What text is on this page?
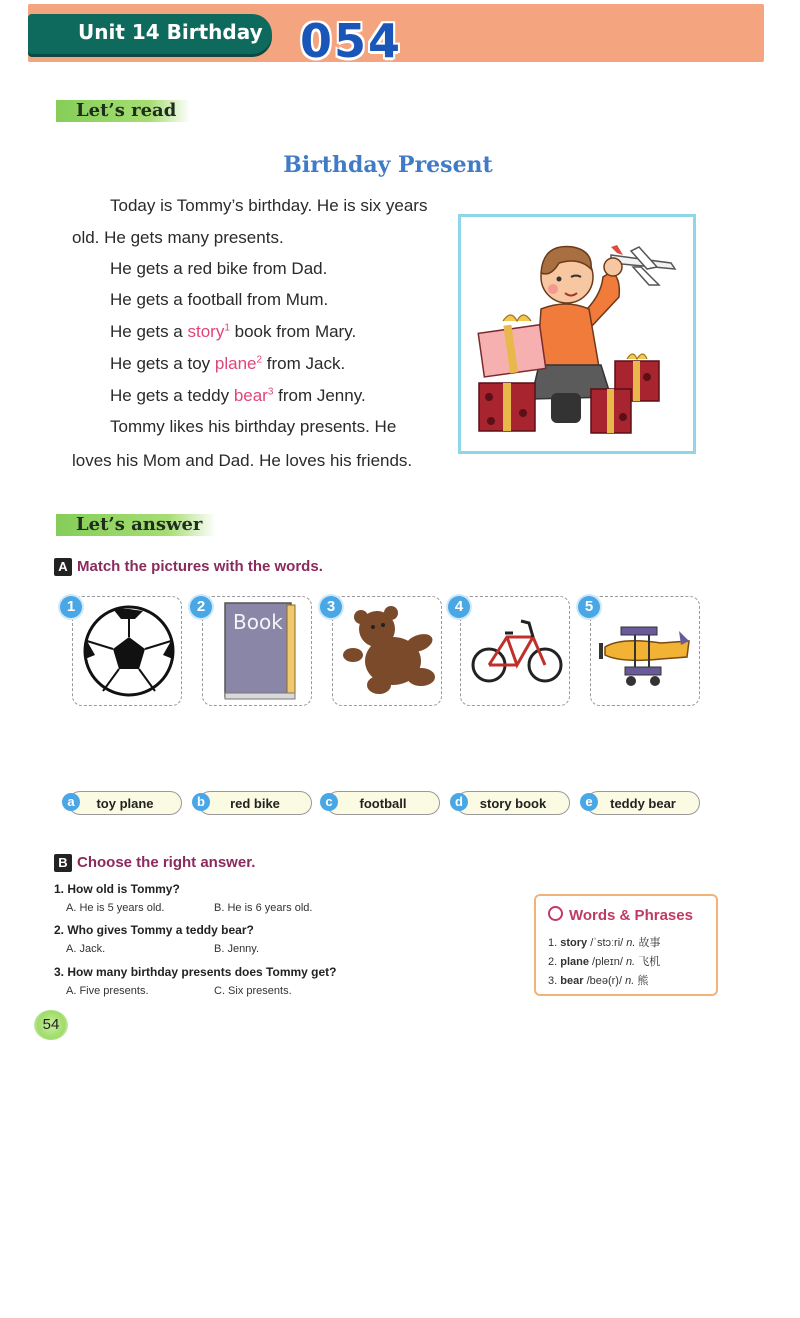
Unit 14 Birthday 054
Let’s read
Birthday Present
Today is Tommy’s birthday. He is six years
old. He gets many presents.
He gets a red bike from Dad.
He gets a football from Mum.
He gets a story$^1$ book from Mary.
He gets a toy plane$^2$ from Jack.
He gets a teddy bear$^3$ from Jenny.
Tommy likes his birthday presents. He
loves his Mom and Dad. He loves his friends.
Let’s answer
A Match the pictures with the words.
Book
1	2	3	4	5
toy plane	red bike	football	story book	teddy bear
a	b	c	d	e
B Choose the right answer.
1. How old is Tommy?
A. He is 5 years old.	B. He is 6 years old.
2. Who gives Tommy a teddy bear?
A. Jack.	B. Jenny.
3. How many birthday presents does Tommy get?
A. Five presents.	C. Six presents.
Words & Phrases
1. story /ˈstɔːri/ n. 故事
2. plane /pleɪn/ n. 飞机
3. bear /beə(r)/ n. 熊
54
